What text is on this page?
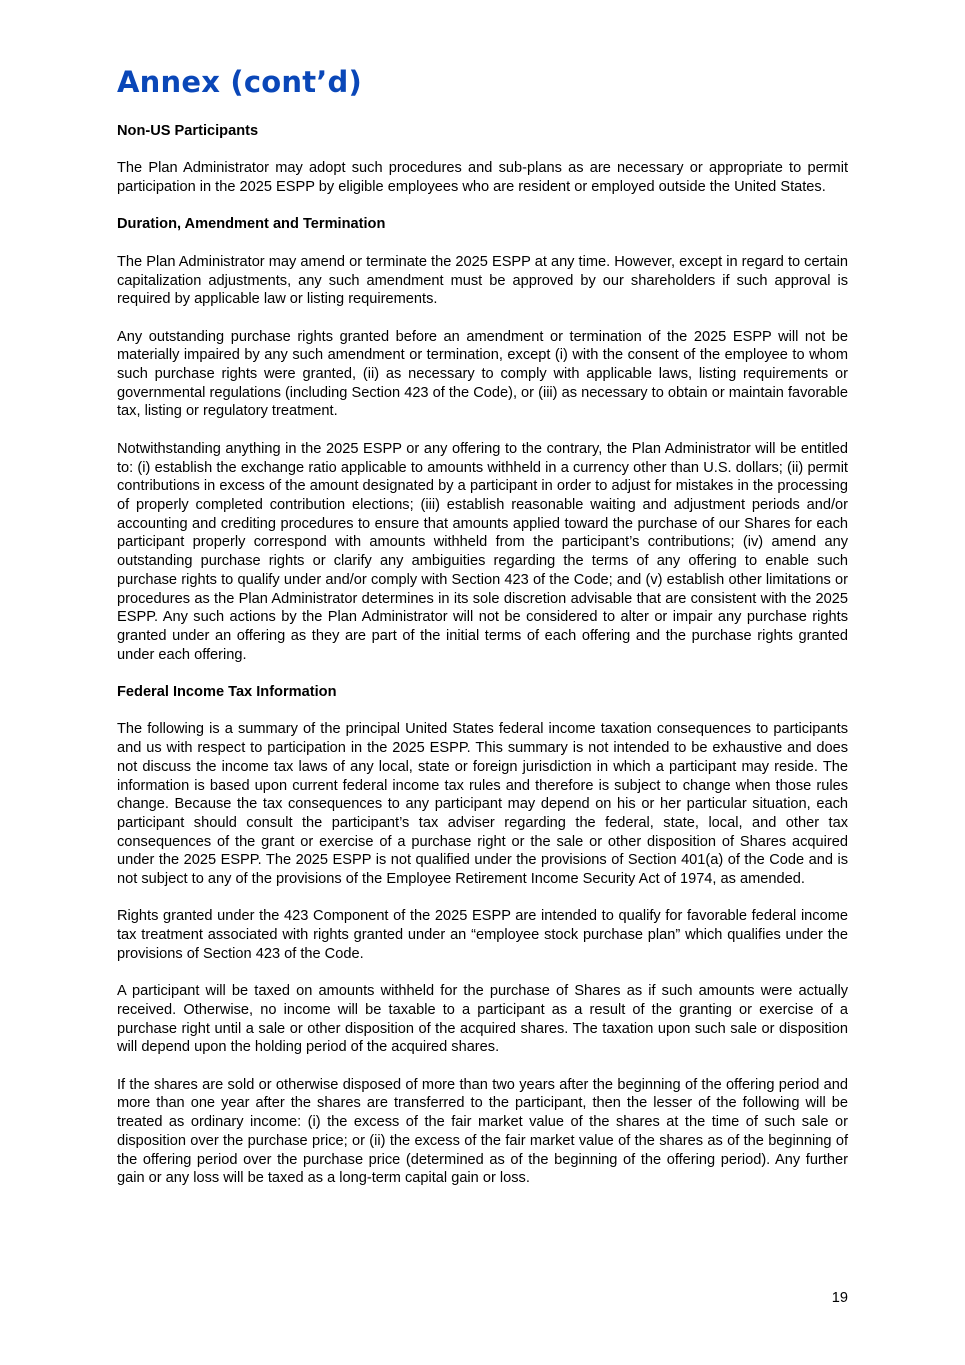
Annex (cont’d)
Non-US Participants

The Plan Administrator may adopt such procedures and sub-plans as are necessary or appropriate to permit participation in the 2025 ESPP by eligible employees who are resident or employed outside the United States.

Duration, Amendment and Termination

The Plan Administrator may amend or terminate the 2025 ESPP at any time. However, except in regard to certain capitalization adjustments, any such amendment must be approved by our shareholders if such approval is required by applicable law or listing requirements.

Any outstanding purchase rights granted before an amendment or termination of the 2025 ESPP will not be materially impaired by any such amendment or termination, except (i) with the consent of the employee to whom such purchase rights were granted, (ii) as necessary to comply with applicable laws, listing requirements or governmental regulations (including Section 423 of the Code), or (iii) as necessary to obtain or maintain favorable tax, listing or regulatory treatment.

Notwithstanding anything in the 2025 ESPP or any offering to the contrary, the Plan Administrator will be entitled to: (i) establish the exchange ratio applicable to amounts withheld in a currency other than U.S. dollars; (ii) permit contributions in excess of the amount designated by a participant in order to adjust for mistakes in the processing of properly completed contribution elections; (iii) establish reasonable waiting and adjustment periods and/or accounting and crediting procedures to ensure that amounts applied toward the purchase of our Shares for each participant properly correspond with amounts withheld from the participant’s contributions; (iv) amend any outstanding purchase rights or clarify any ambiguities regarding the terms of any offering to enable such purchase rights to qualify under and/or comply with Section 423 of the Code; and (v) establish other limitations or procedures as the Plan Administrator determines in its sole discretion advisable that are consistent with the 2025 ESPP. Any such actions by the Plan Administrator will not be considered to alter or impair any purchase rights granted under an offering as they are part of the initial terms of each offering and the purchase rights granted under each offering.

Federal Income Tax Information

The following is a summary of the principal United States federal income taxation consequences to participants and us with respect to participation in the 2025 ESPP. This summary is not intended to be exhaustive and does not discuss the income tax laws of any local, state or foreign jurisdiction in which a participant may reside. The information is based upon current federal income tax rules and therefore is subject to change when those rules change. Because the tax consequences to any participant may depend on his or her particular situation, each participant should consult the participant’s tax adviser regarding the federal, state, local, and other tax consequences of the grant or exercise of a purchase right or the sale or other disposition of Shares acquired under the 2025 ESPP. The 2025 ESPP is not qualified under the provisions of Section 401(a) of the Code and is not subject to any of the provisions of the Employee Retirement Income Security Act of 1974, as amended.

Rights granted under the 423 Component of the 2025 ESPP are intended to qualify for favorable federal income tax treatment associated with rights granted under an “employee stock purchase plan” which qualifies under the provisions of Section 423 of the Code.

A participant will be taxed on amounts withheld for the purchase of Shares as if such amounts were actually received. Otherwise, no income will be taxable to a participant as a result of the granting or exercise of a purchase right until a sale or other disposition of the acquired shares. The taxation upon such sale or disposition will depend upon the holding period of the acquired shares.

If the shares are sold or otherwise disposed of more than two years after the beginning of the offering period and more than one year after the shares are transferred to the participant, then the lesser of the following will be treated as ordinary income: (i) the excess of the fair market value of the shares at the time of such sale or disposition over the purchase price; or (ii) the excess of the fair market value of the shares as of the beginning of the offering period over the purchase price (determined as of the beginning of the offering period). Any further gain or any loss will be taxed as a long-term capital gain or loss.

19
